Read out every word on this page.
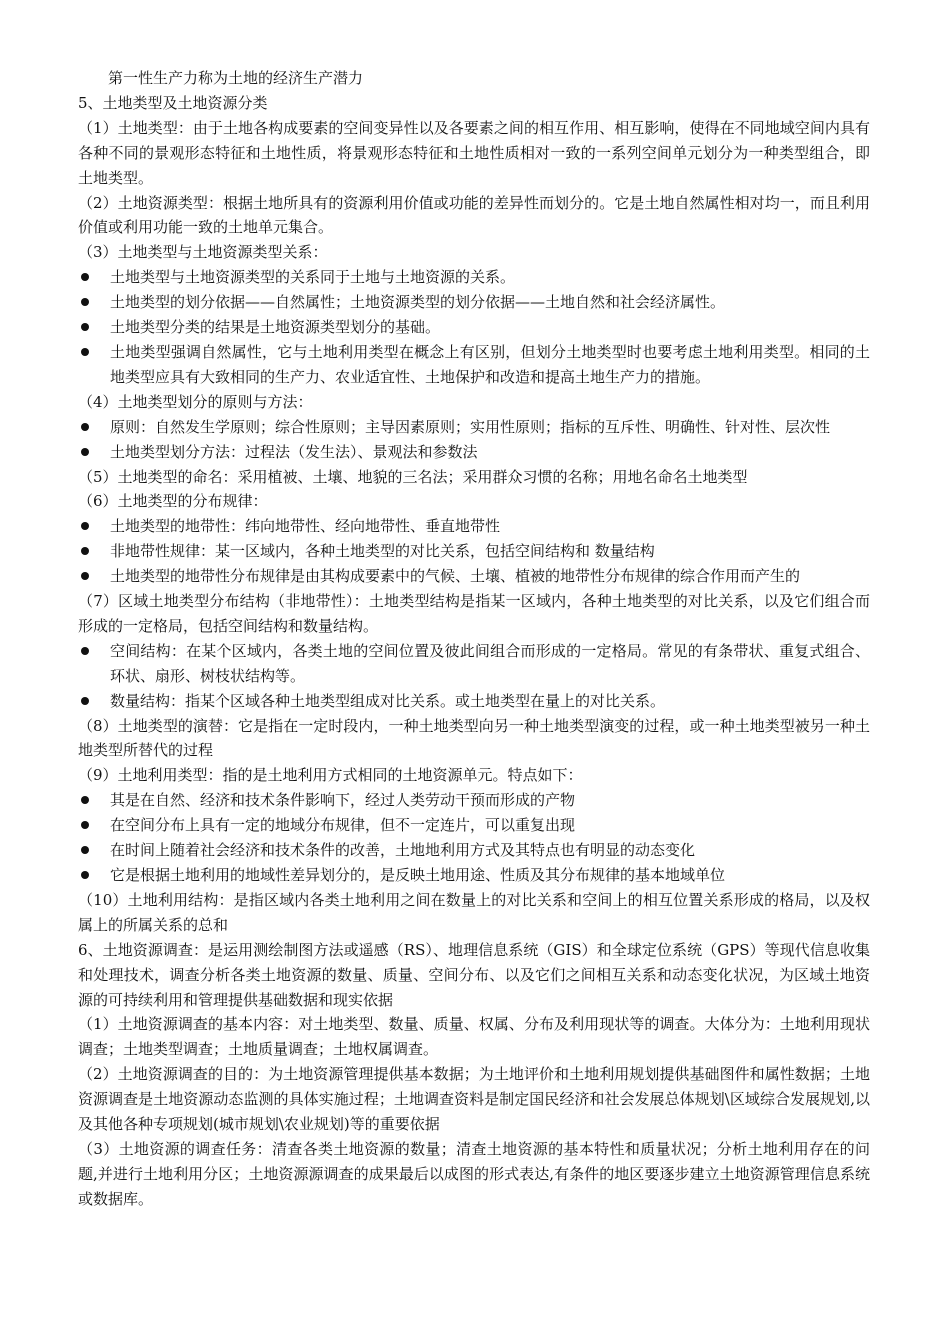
第一性生产力称为土地的经济生产潜力
5、土地类型及土地资源分类
（1）土地类型：由于土地各构成要素的空间变异性以及各要素之间的相互作用、相互影响，使得在不同地域空间内具有各种不同的景观形态特征和土地性质，将景观形态特征和土地性质相对一致的一系列空间单元划分为一种类型组合，即土地类型。
（2）土地资源类型：根据土地所具有的资源利用价值或功能的差异性而划分的。它是土地自然属性相对均一，而且利用价值或利用功能一致的土地单元集合。
（3）土地类型与土地资源类型关系：
土地类型与土地资源类型的关系同于土地与土地资源的关系。
土地类型的划分依据——自然属性；土地资源类型的划分依据——土地自然和社会经济属性。
土地类型分类的结果是土地资源类型划分的基础。
土地类型强调自然属性，它与土地利用类型在概念上有区别，但划分土地类型时也要考虑土地利用类型。相同的土地类型应具有大致相同的生产力、农业适宜性、土地保护和改造和提高土地生产力的措施。
（4）土地类型划分的原则与方法：
原则：自然发生学原则；综合性原则；主导因素原则；实用性原则；指标的互斥性、明确性、针对性、层次性
土地类型划分方法：过程法（发生法）、景观法和参数法
（5）土地类型的命名：采用植被、土壤、地貌的三名法；采用群众习惯的名称；用地名命名土地类型
（6）土地类型的分布规律：
土地类型的地带性：纬向地带性、经向地带性、垂直地带性
非地带性规律：某一区域内，各种土地类型的对比关系，包括空间结构和 数量结构
土地类型的地带性分布规律是由其构成要素中的气候、土壤、植被的地带性分布规律的综合作用而产生的
（7）区域土地类型分布结构（非地带性）：土地类型结构是指某一区域内，各种土地类型的对比关系，以及它们组合而形成的一定格局，包括空间结构和数量结构。
空间结构：在某个区域内，各类土地的空间位置及彼此间组合而形成的一定格局。常见的有条带状、重复式组合、环状、扇形、树枝状结构等。
数量结构：指某个区域各种土地类型组成对比关系。或土地类型在量上的对比关系。
（8）土地类型的演替：它是指在一定时段内，一种土地类型向另一种土地类型演变的过程，或一种土地类型被另一种土地类型所替代的过程
（9）土地利用类型：指的是土地利用方式相同的土地资源单元。特点如下：
其是在自然、经济和技术条件影响下，经过人类劳动干预而形成的产物
在空间分布上具有一定的地域分布规律，但不一定连片，可以重复出现
在时间上随着社会经济和技术条件的改善，土地地利用方式及其特点也有明显的动态变化
它是根据土地利用的地域性差异划分的，是反映土地用途、性质及其分布规律的基本地域单位
（10）土地利用结构：是指区域内各类土地利用之间在数量上的对比关系和空间上的相互位置关系形成的格局，以及权属上的所属关系的总和
6、土地资源调查：是运用测绘制图方法或遥感（RS）、地理信息系统（GIS）和全球定位系统（GPS）等现代信息收集和处理技术，调查分析各类土地资源的数量、质量、空间分布、以及它们之间相互关系和动态变化状况，为区域土地资源的可持续利用和管理提供基础数据和现实依据
（1）土地资源调查的基本内容：对土地类型、数量、质量、权属、分布及利用现状等的调查。大体分为：土地利用现状调查；土地类型调查；土地质量调查；土地权属调查。
（2）土地资源调查的目的：为土地资源管理提供基本数据；为土地评价和土地利用规划提供基础图件和属性数据；土地资源调查是土地资源动态监测的具体实施过程；土地调查资料是制定国民经济和社会发展总体规划\区域综合发展规划,以及其他各种专项规划(城市规划\农业规划)等的重要依据
（3）土地资源的调查任务：清查各类土地资源的数量；清查土地资源的基本特性和质量状况；分析土地利用存在的问题,并进行土地利用分区；土地资源源调查的成果最后以成图的形式表达,有条件的地区要逐步建立土地资源管理信息系统或数据库。
